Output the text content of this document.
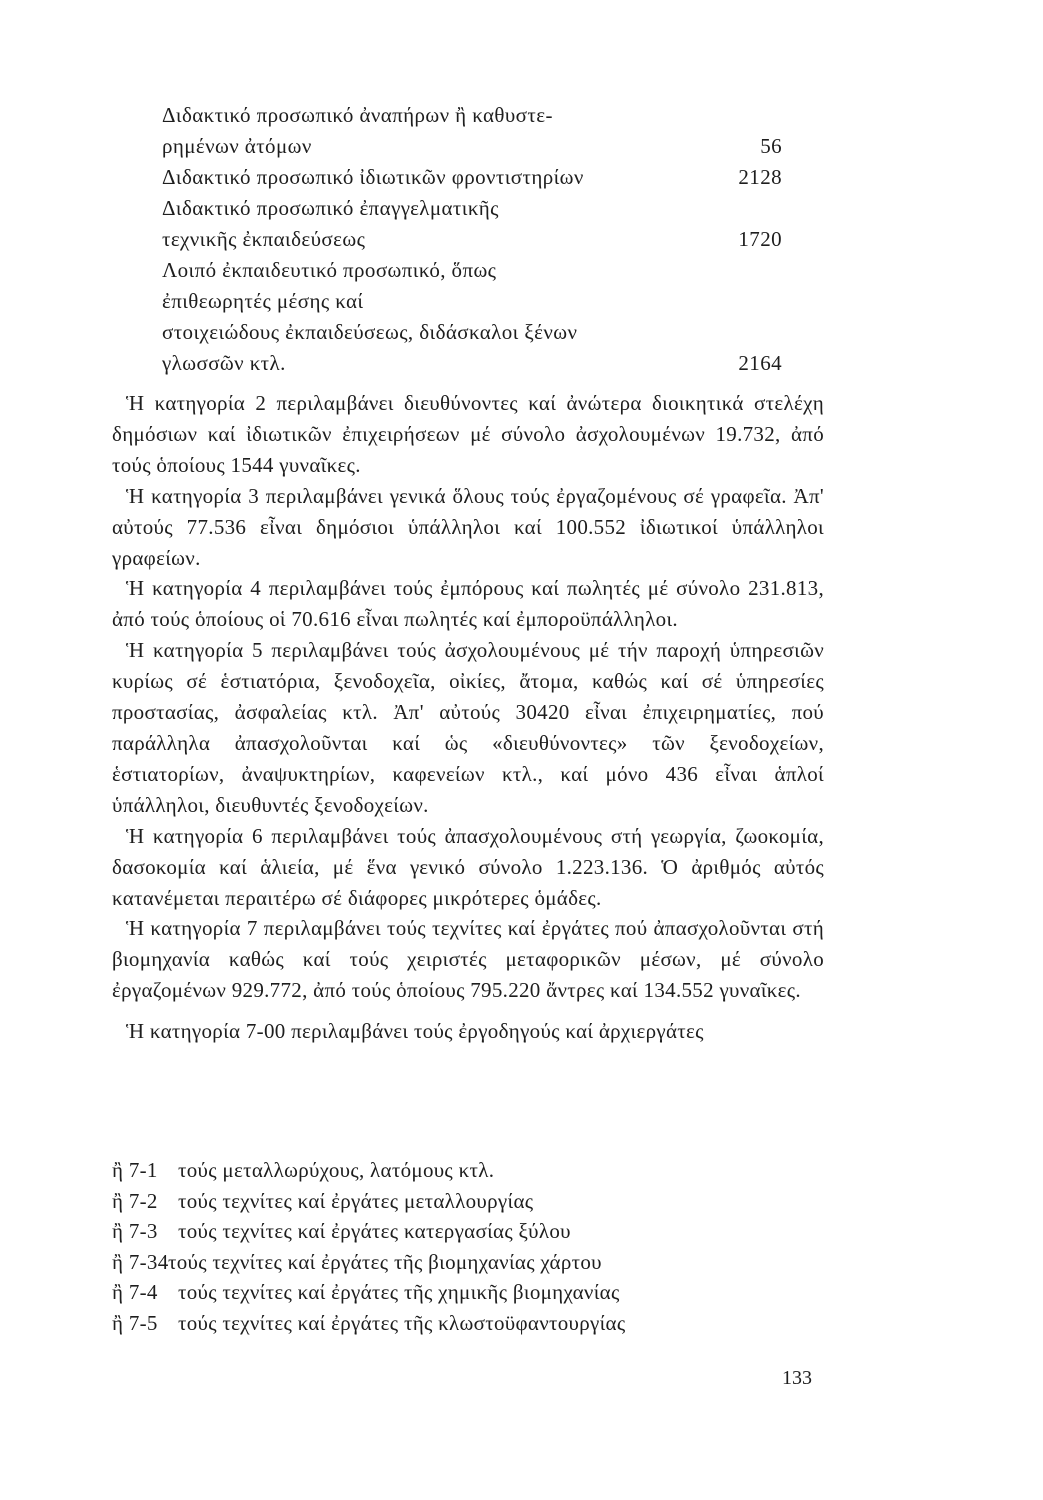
Διδακτικό προσωπικό ἀναπήρων ἢ καθυστε-
ρημένων ἀτόμων	56
Διδακτικό προσωπικό ἰδιωτικῶν φροντιστηρίων	2128
Διδακτικό προσωπικό ἐπαγγελματικῆς
τεχνικῆς ἐκπαιδεύσεως	1720
Λοιπό ἐκπαιδευτικό προσωπικό, ὅπως
ἐπιθεωρητές μέσης καί
στοιχειώδους ἐκπαιδεύσεως, διδάσκαλοι ξένων
γλωσσῶν κτλ.	2164

Ἡ κατηγορία 2 περιλαμβάνει διευθύνοντες καί ἀνώτερα διοικητικά στελέχη δημόσιων καί ἰδιωτικῶν ἐπιχειρήσεων μέ σύνολο ἀσχολουμένων 19.732, ἀπό τούς ὁποίους 1544 γυναῖκες.

Ἡ κατηγορία 3 περιλαμβάνει γενικά ὅλους τούς ἐργαζομένους σέ γραφεῖα. Ἀπ' αὐτούς 77.536 εἶναι δημόσιοι ὑπάλληλοι καί 100.552 ἰδιωτικοί ὑπάλληλοι γραφείων.

Ἡ κατηγορία 4 περιλαμβάνει τούς ἐμπόρους καί πωλητές μέ σύνολο 231.813, ἀπό τούς ὁποίους οἱ 70.616 εἶναι πωλητές καί ἐμποροϋπάλληλοι.

Ἡ κατηγορία 5 περιλαμβάνει τούς ἀσχολουμένους μέ τήν παροχή ὑπηρεσιῶν κυρίως σέ ἑστιατόρια, ξενοδοχεῖα, οἰκίες, ἄτομα, καθώς καί σέ ὑπηρεσίες προστασίας, ἀσφαλείας κτλ. Ἀπ' αὐτούς 30420 εἶναι ἐπιχειρηματίες, πού παράλληλα ἀπασχολοῦνται καί ὡς «διευθύνοντες» τῶν ξενοδοχείων, ἑστιατορίων, ἀναψυκτηρίων, καφενείων κτλ., καί μόνο 436 εἶναι ἁπλοί ὑπάλληλοι, διευθυντές ξενοδοχείων.

Ἡ κατηγορία 6 περιλαμβάνει τούς ἀπασχολουμένους στή γεωργία, ζωοκομία, δασοκομία καί ἁλιεία, μέ ἕνα γενικό σύνολο 1.223.136. Ὁ ἀριθμός αὐτός κατανέμεται περαιτέρω σέ διάφορες μικρότερες ὁμάδες.

Ἡ κατηγορία 7 περιλαμβάνει τούς τεχνίτες καί ἐργάτες πού ἀπασχολοῦνται στή βιομηχανία καθώς καί τούς χειριστές μεταφορικῶν μέσων, μέ σύνολο ἐργαζομένων 929.772, ἀπό τούς ὁποίους 795.220 ἄντρες καί 134.552 γυναῖκες.

Ἡ κατηγορία 7-00 περιλαμβάνει τούς ἐργοδηγούς καί ἀρχιεργάτες

ἢ 7-1 τούς μεταλλωρύχους, λατόμους κτλ.
ἢ 7-2 τούς τεχνίτες καί ἐργάτες μεταλλουργίας
ἢ 7-3 τούς τεχνίτες καί ἐργάτες κατεργασίας ξύλου
ἢ 7-34τούς τεχνίτες καί ἐργάτες τῆς βιομηχανίας χάρτου
ἢ 7-4 τούς τεχνίτες καί ἐργάτες τῆς χημικῆς βιομηχανίας
ἢ 7-5 τούς τεχνίτες καί ἐργάτες τῆς κλωστοϋφαντουργίας
133
